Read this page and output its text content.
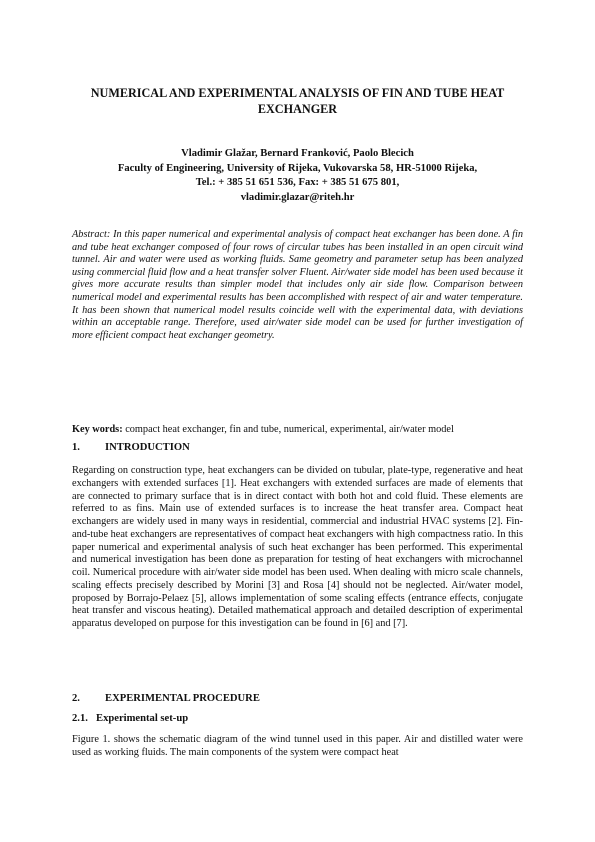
NUMERICAL AND EXPERIMENTAL ANALYSIS OF FIN AND TUBE HEAT EXCHANGER
Vladimir Glažar, Bernard Franković, Paolo Blecich
Faculty of Engineering, University of Rijeka, Vukovarska 58, HR-51000 Rijeka,
Tel.: + 385 51 651 536, Fax: + 385 51 675 801,
vladimir.glazar@riteh.hr

Abstract: In this paper numerical and experimental analysis of compact heat exchanger has been done. A fin and tube heat exchanger composed of four rows of circular tubes has been installed in an open circuit wind tunnel. Air and water were used as working fluids. Same geometry and parameter setup has been analyzed using commercial fluid flow and a heat transfer solver Fluent. Air/water side model has been used because it gives more accurate results than simpler model that includes only air side flow. Comparison between numerical model and experimental results has been accomplished with respect of air and water temperature. It has been shown that numerical model results coincide well with the experimental data, with deviations within an acceptable range. Therefore, used air/water side model can be used for further investigation of more efficient compact heat exchanger geometry.

Key words: compact heat exchanger, fin and tube, numerical, experimental, air/water model

1. INTRODUCTION

Regarding on construction type, heat exchangers can be divided on tubular, plate-type, regenerative and heat exchangers with extended surfaces [1]. Heat exchangers with extended surfaces are made of elements that are connected to primary surface that is in direct contact with both hot and cold fluid. These elements are referred to as fins. Main use of extended surfaces is to increase the heat transfer area. Compact heat exchangers are widely used in many ways in residential, commercial and industrial HVAC systems [2]. Fin-and-tube heat exchangers are representatives of compact heat exchangers with high compactness ratio. In this paper numerical and experimental analysis of such heat exchanger has been performed. This experimental and numerical investigation has been done as preparation for testing of heat exchangers with microchannel coil. Numerical procedure with air/water side model has been used. When dealing with micro scale channels, scaling effects precisely described by Morini [3] and Rosa [4] should not be neglected. Air/water model, proposed by Borrajo-Pelaez [5], allows implementation of some scaling effects (entrance effects, conjugate heat transfer and viscous heating). Detailed mathematical approach and detailed description of experimental apparatus developed on purpose for this investigation can be found in [6] and [7].

2. EXPERIMENTAL PROCEDURE
2.1. Experimental set-up

Figure 1. shows the schematic diagram of the wind tunnel used in this paper. Air and distilled water were used as working fluids. The main components of the system were compact heat
